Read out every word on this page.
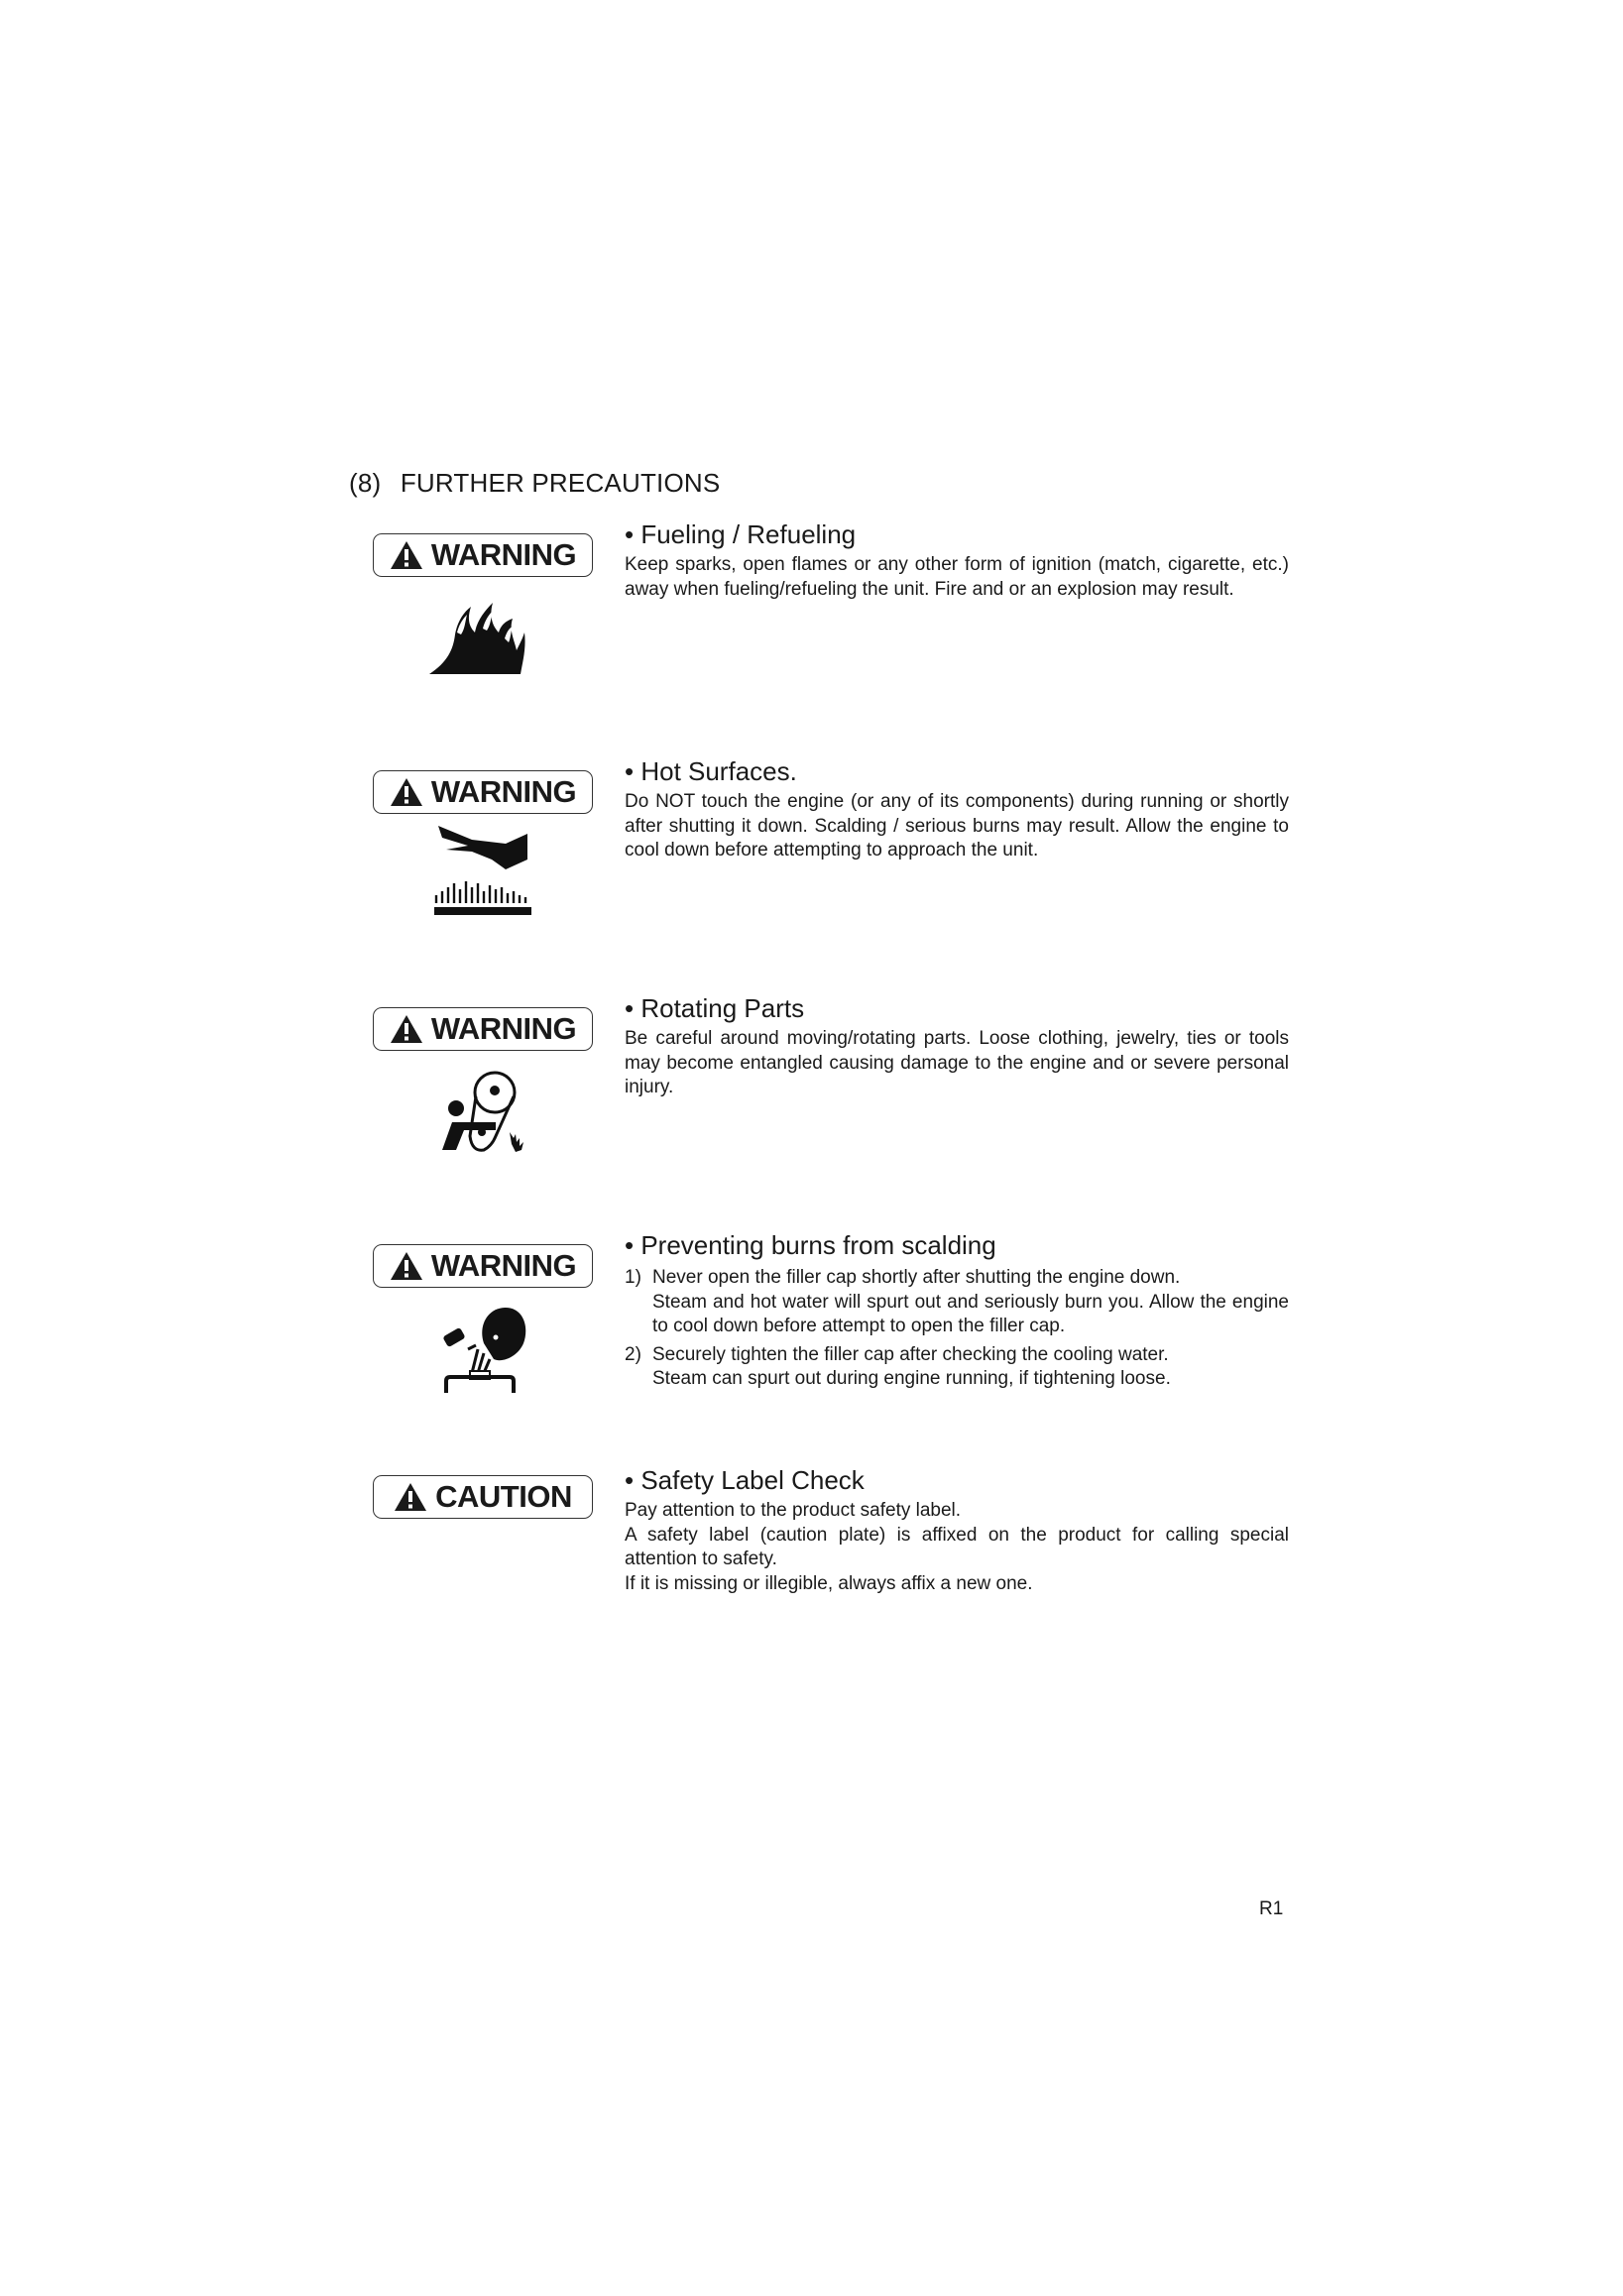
(8) FURTHER PRECAUTIONS
WARNING

• Fueling / Refueling

Keep sparks, open flames or any other form of ignition (match, cigarette, etc.) away when fueling/refueling the unit. Fire and or an explosion may result.

WARNING

• Hot Surfaces.

Do NOT touch the engine (or any of its components) during running or shortly after shutting it down. Scalding / serious burns may result. Allow the engine to cool down before attempting to approach the unit.

WARNING

• Rotating Parts

Be careful around moving/rotating parts. Loose clothing, jewelry, ties or tools may become entangled causing damage to the engine and or severe personal injury.

WARNING

• Preventing burns from scalding

1) Never open the filler cap shortly after shutting the engine down.
Steam and hot water will spurt out and seriously burn you. Allow the engine to cool down before attempt to open the filler cap.
2) Securely tighten the filler cap after checking the cooling water.
Steam can spurt out during engine running, if tightening loose.
CAUTION • Safety Label Check

Pay attention to the product safety label.

A safety label (caution plate) is affixed on the product for calling special attention to safety.

If it is missing or illegible, always affix a new one.

R1
